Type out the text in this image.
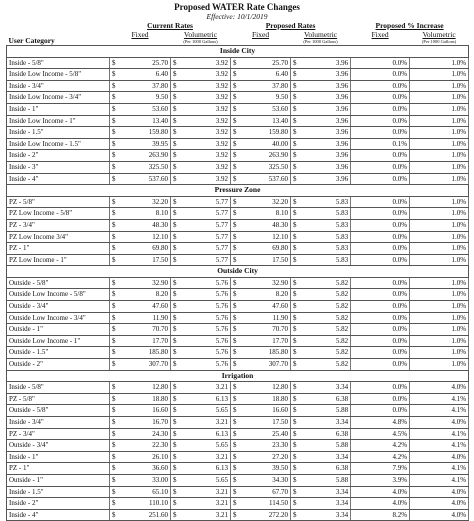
Proposed WATER Rate Changes
Effective: 10/1/2019
User Category	Current Rates				Proposed Rates				Proposed % Increase	
	Fixed		Volumetric		Fixed		Volumetric		Fixed	Volumetric
			(Per 1000 Gallons)				(Per 1000 Gallons)			(Per 1000 Gallons)
Inside City										
Inside - 5/8"	$	25.70	$	3.92	$	25.70	$	3.96	0.0%	1.0%
Inside Low Income - 5/8"	$	6.40	$	3.92	$	6.40	$	3.96	0.0%	1.0%
Inside - 3/4"	$	37.80	$	3.92	$	37.80	$	3.96	0.0%	1.0%
Inside Low Income - 3/4"	$	9.50	$	3.92	$	9.50	$	3.96	0.0%	1.0%
Inside - 1"	$	53.60	$	3.92	$	53.60	$	3.96	0.0%	1.0%
Inside Low Income - 1"	$	13.40	$	3.92	$	13.40	$	3.96	0.0%	1.0%
Inside - 1.5"	$	159.80	$	3.92	$	159.80	$	3.96	0.0%	1.0%
Inside Low Income - 1.5"	$	39.95	$	3.92	$	40.00	$	3.96	0.1%	1.0%
Inside - 2"	$	263.90	$	3.92	$	263.90	$	3.96	0.0%	1.0%
Inside - 3"	$	325.50	$	3.92	$	325.50	$	3.96	0.0%	1.0%
Inside - 4"	$	537.60	$	3.92	$	537.60	$	3.96	0.0%	1.0%
Pressure Zone										
PZ - 5/8"	$	32.20	$	5.77	$	32.20	$	5.83	0.0%	1.0%
PZ Low Income - 5/8"	$	8.10	$	5.77	$	8.10	$	5.83	0.0%	1.0%
PZ - 3/4"	$	48.30	$	5.77	$	48.30	$	5.83	0.0%	1.0%
PZ Low Income 3/4"	$	12.10	$	5.77	$	12.10	$	5.83	0.0%	1.0%
PZ - 1"	$	69.80	$	5.77	$	69.80	$	5.83	0.0%	1.0%
PZ Low Income - 1"	$	17.50	$	5.77	$	17.50	$	5.83	0.0%	1.0%
Outside City										
Outside - 5/8"	$	32.90	$	5.76	$	32.90	$	5.82	0.0%	1.0%
Outside Low Income - 5/8"	$	8.20	$	5.76	$	8.20	$	5.82	0.0%	1.0%
Outside - 3/4"	$	47.60	$	5.76	$	47.60	$	5.82	0.0%	1.0%
Outside Low Income - 3/4"	$	11.90	$	5.76	$	11.90	$	5.82	0.0%	1.0%
Outside - 1"	$	70.70	$	5.76	$	70.70	$	5.82	0.0%	1.0%
Outside Low Income - 1"	$	17.70	$	5.76	$	17.70	$	5.82	0.0%	1.0%
Outside - 1.5"	$	185.80	$	5.76	$	185.80	$	5.82	0.0%	1.0%
Outside - 2"	$	307.70	$	5.76	$	307.70	$	5.82	0.0%	1.0%
Irrigation										
Inside - 5/8"	$	12.80	$	3.21	$	12.80	$	3.34	0.0%	4.0%
PZ - 5/8"	$	18.80	$	6.13	$	18.80	$	6.38	0.0%	4.1%
Outside - 5/8"	$	16.60	$	5.65	$	16.60	$	5.88	0.0%	4.1%
Inside - 3/4"	$	16.70	$	3.21	$	17.50	$	3.34	4.8%	4.0%
PZ - 3/4"	$	24.30	$	6.13	$	25.40	$	6.38	4.5%	4.1%
Outside - 3/4"	$	22.30	$	5.65	$	23.30	$	5.88	4.2%	4.1%
Inside - 1"	$	26.10	$	3.21	$	27.20	$	3.34	4.2%	4.0%
PZ - 1"	$	36.60	$	6.13	$	39.50	$	6.38	7.9%	4.1%
Outside - 1"	$	33.00	$	5.65	$	34.30	$	5.88	3.9%	4.1%
Inside - 1.5"	$	65.10	$	3.21	$	67.70	$	3.34	4.0%	4.0%
Inside - 2"	$	110.10	$	3.21	$	114.50	$	3.34	4.0%	4.0%
Inside - 4"	$	251.60	$	3.21	$	272.20	$	3.34	8.2%	4.0%
